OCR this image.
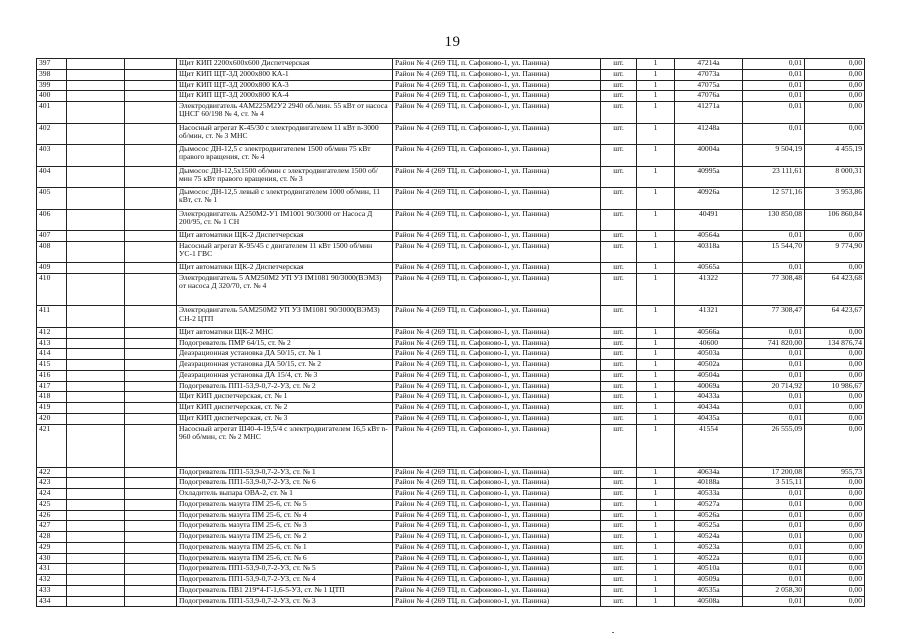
19
397			Щит КИП 2200х600х600 Диспетчерская	Район № 4 (269 ТЦ, п. Сафоново-1, ул. Панина)	шт.	1	47214а	0,01	0,00
398			Щит КИП ЩТ-3Д 2000х800 КА-1	Район № 4 (269 ТЦ, п. Сафоново-1, ул. Панина)	шт.	1	47073а	0,01	0,00
399			Щит КИП ЩТ-3Д 2000х800 КА-3	Район № 4 (269 ТЦ, п. Сафоново-1, ул. Панина)	шт.	1	47075а	0,01	0,00
400			Щит КИП ЩТ-3Д 2000х800 КА-4	Район № 4 (269 ТЦ, п. Сафоново-1, ул. Панина)	шт.	1	47076а	0,01	0,00
401			Электродвигатель 4АМ225М2У2 2940 об./мин. 55 кВт от насоса ЦНСГ 60/198 № 4, ст. № 4	Район № 4 (269 ТЦ, п. Сафоново-1, ул. Панина)	шт.	1	41271а	0,01	0,00
402			Насосный агрегат К-45/30 с электродвигателем 11 кВт n-3000 об/мин, ст. № 3 МНС	Район № 4 (269 ТЦ, п. Сафоново-1, ул. Панина)	шт.	1	41248а	0,01	0,00
403			Дымосос ДН-12,5 с электродвигателем 1500 об/мин 75 кВт правого вращения, ст. № 4	Район № 4 (269 ТЦ, п. Сафоново-1, ул. Панина)	шт.	1	40004а	9 504,19	4 455,19
404			Дымосос ДН-12,5х1500 об/мин с электродвигателем 1500 об/мин 75 кВт правого вращения, ст. № 3	Район № 4 (269 ТЦ, п. Сафоново-1, ул. Панина)	шт.	1	40995а	23 111,61	8 000,31
405			Дымосос ДН-12,5 левый с электродвигателем 1000 об/мин, 11 кВт, ст. № 1	Район № 4 (269 ТЦ, п. Сафоново-1, ул. Панина)	шт.	1	40926а	12 571,16	3 953,86
406			Электродвигатель А250М2-У1 IM1001 90/3000 от Насоса Д 200/95, ст. № 1 СН	Район № 4 (269 ТЦ, п. Сафоново-1, ул. Панина)	шт.	1	40491	130 850,08	106 860,84
407			Щит автоматики ЩК-2 Диспетчерская	Район № 4 (269 ТЦ, п. Сафоново-1, ул. Панина)	шт.	1	40564а	0,01	0,00
408			Насосный агрегат К-95/45 с двигателем 11 кВт 1500 об/мин УС-1 ГВС	Район № 4 (269 ТЦ, п. Сафоново-1, ул. Панина)	шт.	1	40318а	15 544,70	9 774,90
409			Щит автоматики ЩК-2 Диспетчерская	Район № 4 (269 ТЦ, п. Сафоново-1, ул. Панина)	шт.	1	40565а	0,01	0,00
410			Электродвигатель 5 АМ250М2 УП УЗ IM1081 90/3000(ВЭМЗ) от насоса Д 320/70, ст. № 4	Район № 4 (269 ТЦ, п. Сафоново-1, ул. Панина)	шт.	1	41322	77 308,48	64 423,68
411			Электродвигатель 5АМ250М2 УП УЗ IM1081 90/3000(ВЭМЗ) СН-2 ЦТП	Район № 4 (269 ТЦ, п. Сафоново-1, ул. Панина)	шт.	1	41321	77 308,47	64 423,67
412			Щит автоматики ЩК-2 МНС	Район № 4 (269 ТЦ, п. Сафоново-1, ул. Панина)	шт.	1	40566а	0,01	0,00
413			Подогреватель ПМР 64/15, ст. № 2	Район № 4 (269 ТЦ, п. Сафоново-1, ул. Панина)	шт.	1	40600	741 820,00	134 876,74
414			Деаэрационная установка ДА 50/15, ст. № 1	Район № 4 (269 ТЦ, п. Сафоново-1, ул. Панина)	шт.	1	40503а	0,01	0,00
415			Деаэрационная установка ДА 50/15, ст. № 2	Район № 4 (269 ТЦ, п. Сафоново-1, ул. Панина)	шт.	1	40502а	0,01	0,00
416			Деаэрационная установка ДА 15/4, ст. № 3	Район № 4 (269 ТЦ, п. Сафоново-1, ул. Панина)	шт.	1	40504а	0,01	0,00
417			Подогреватель ПП1-53,9-0,7-2-УЗ, ст. № 2	Район № 4 (269 ТЦ, п. Сафоново-1, ул. Панина)	шт.	1	40069а	20 714,92	10 986,67
418			Щит КИП диспетчерская, ст. № 1	Район № 4 (269 ТЦ, п. Сафоново-1, ул. Панина)	шт.	1	40433а	0,01	0,00
419			Щит КИП диспетчерская, ст. № 2	Район № 4 (269 ТЦ, п. Сафоново-1, ул. Панина)	шт.	1	40434а	0,01	0,00
420			Щит КИП диспетчерская, ст. № 3	Район № 4 (269 ТЦ, п. Сафоново-1, ул. Панина)	шт.	1	40435а	0,01	0,00
421			Насосный агрегат Ш40-4-19,5/4 с электродвигателем 16,5 кВт n-960 об/мин, ст. № 2 МНС	Район № 4 (269 ТЦ, п. Сафоново-1, ул. Панина)	шт.	1	41554	26 555,09	0,00
422			Подогреватель ПП1-53,9-0,7-2-УЗ, ст. № 1	Район № 4 (269 ТЦ, п. Сафоново-1, ул. Панина)	шт.	1	40634а	17 200,08	955,73
423			Подогреватель ПП1-53,9-0,7-2-УЗ, ст. № 6	Район № 4 (269 ТЦ, п. Сафоново-1, ул. Панина)	шт.	1	40188а	3 515,11	0,00
424			Охладитель выпара ОВА-2, ст. № 1	Район № 4 (269 ТЦ, п. Сафоново-1, ул. Панина)	шт.	1	40533а	0,01	0,00
425			Подогреватель мазута ПМ 25-6, ст. № 5	Район № 4 (269 ТЦ, п. Сафоново-1, ул. Панина)	шт.	1	40527а	0,01	0,00
426			Подогреватель мазута ПМ 25-6, ст. № 4	Район № 4 (269 ТЦ, п. Сафоново-1, ул. Панина)	шт.	1	40526а	0,01	0,00
427			Подогреватель мазута ПМ 25-6, ст. № 3	Район № 4 (269 ТЦ, п. Сафоново-1, ул. Панина)	шт.	1	40525а	0,01	0,00
428			Подогреватель мазута ПМ 25-6, ст. № 2	Район № 4 (269 ТЦ, п. Сафоново-1, ул. Панина)	шт.	1	40524а	0,01	0,00
429			Подогреватель мазута ПМ 25-6, ст. № 1	Район № 4 (269 ТЦ, п. Сафоново-1, ул. Панина)	шт.	1	40523а	0,01	0,00
430			Подогреватель мазута ПМ 25-6, ст. № 6	Район № 4 (269 ТЦ, п. Сафоново-1, ул. Панина)	шт.	1	40522а	0,01	0,00
431			Подогреватель ПП1-53,9-0,7-2-УЗ, ст. № 5	Район № 4 (269 ТЦ, п. Сафоново-1, ул. Панина)	шт.	1	40510а	0,01	0,00
432			Подогреватель ПП1-53,9-0,7-2-УЗ, ст. № 4	Район № 4 (269 ТЦ, п. Сафоново-1, ул. Панина)	шт.	1	40509а	0,01	0,00
433			Подогреватель ПВ1 219*4-Г-1,6-5-УЗ, ст. № 1 ЦТП	Район № 4 (269 ТЦ, п. Сафоново-1, ул. Панина)	шт.	1	40535а	2 058,30	0,00
434			Подогреватель ПП1-53,9-0,7-2-УЗ, ст. № 3	Район № 4 (269 ТЦ, п. Сафоново-1, ул. Панина)	шт.	1	40508а	0,01	0,00
